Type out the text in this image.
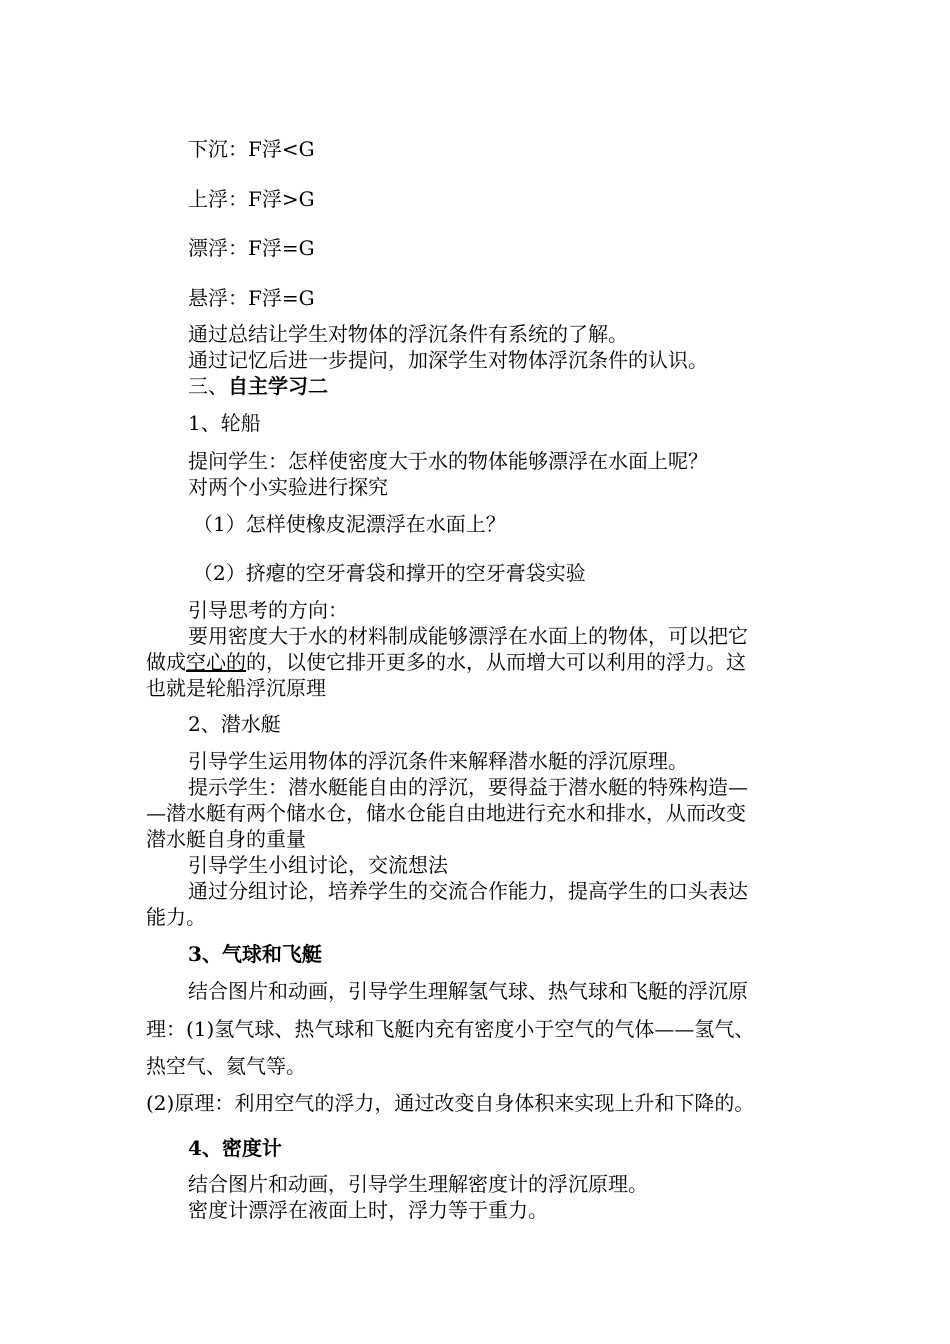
下沉：F浮<G
上浮：F浮>G
漂浮：F浮=G
悬浮：F浮=G
通过总结让学生对物体的浮沉条件有系统的了解。
通过记忆后进一步提问，加深学生对物体浮沉条件的认识。
三、自主学习二
1、轮船
提问学生：怎样使密度大于水的物体能够漂浮在水面上呢？
对两个小实验进行探究
（1）怎样使橡皮泥漂浮在水面上？
（2）挤瘪的空牙膏袋和撑开的空牙膏袋实验
引导思考的方向：
要用密度大于水的材料制成能够漂浮在水面上的物体，可以把它
做成空心的的，以使它排开更多的水，从而增大可以利用的浮力。这
也就是轮船浮沉原理
2、潜水艇
引导学生运用物体的浮沉条件来解释潜水艇的浮沉原理。
提示学生：潜水艇能自由的浮沉，要得益于潜水艇的特殊构造—
—潜水艇有两个储水仓，储水仓能自由地进行充水和排水，从而改变
潜水艇自身的重量
引导学生小组讨论，交流想法
通过分组讨论，培养学生的交流合作能力，提高学生的口头表达
能力。
3、气球和飞艇
结合图片和动画，引导学生理解氢气球、热气球和飞艇的浮沉原
理：(1)氢气球、热气球和飞艇内充有密度小于空气的气体——氢气、
热空气、氦气等。
(2)原理：利用空气的浮力，通过改变自身体积来实现上升和下降的。
4、密度计
结合图片和动画，引导学生理解密度计的浮沉原理。
密度计漂浮在液面上时，浮力等于重力。
